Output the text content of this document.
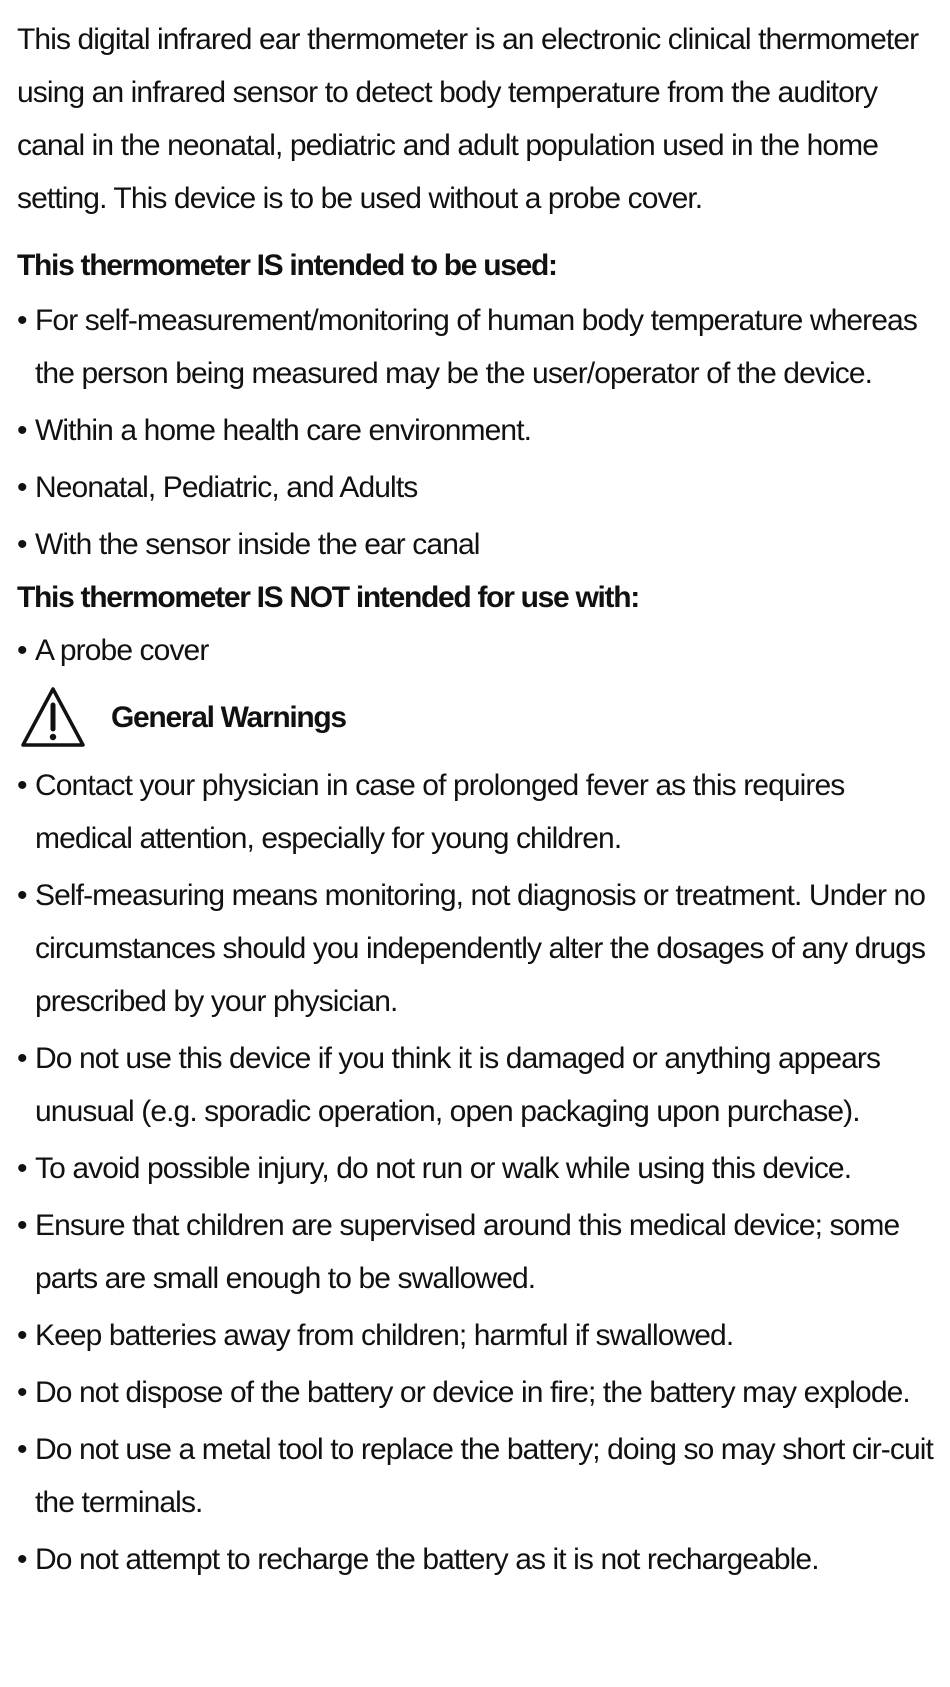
This digital infrared ear thermometer is an electronic clinical thermometer using an infrared sensor to detect body temperature from the auditory canal in the neonatal, pediatric and adult population used in the home setting. This device is to be used without a probe cover.

This thermometer IS intended to be used:
• For self-measurement/monitoring of human body temperature whereas the person being measured may be the user/operator of the device.
• Within a home health care environment.
• Neonatal, Pediatric, and Adults
• With the sensor inside the ear canal
This thermometer IS NOT intended for use with:
• A probe cover
General Warnings
• Contact your physician in case of prolonged fever as this requires medical attention, especially for young children.
• Self-measuring means monitoring, not diagnosis or treatment. Under no circumstances should you independently alter the dosages of any drugs prescribed by your physician.
• Do not use this device if you think it is damaged or anything appears unusual (e.g. sporadic operation, open packaging upon purchase).
• To avoid possible injury, do not run or walk while using this device.
• Ensure that children are supervised around this medical device; some parts are small enough to be swallowed.
• Keep batteries away from children; harmful if swallowed.
• Do not dispose of the battery or device in fire; the battery may explode.
• Do not use a metal tool to replace the battery; doing so may short cir-cuit the terminals.
• Do not attempt to recharge the battery as it is not rechargeable.
